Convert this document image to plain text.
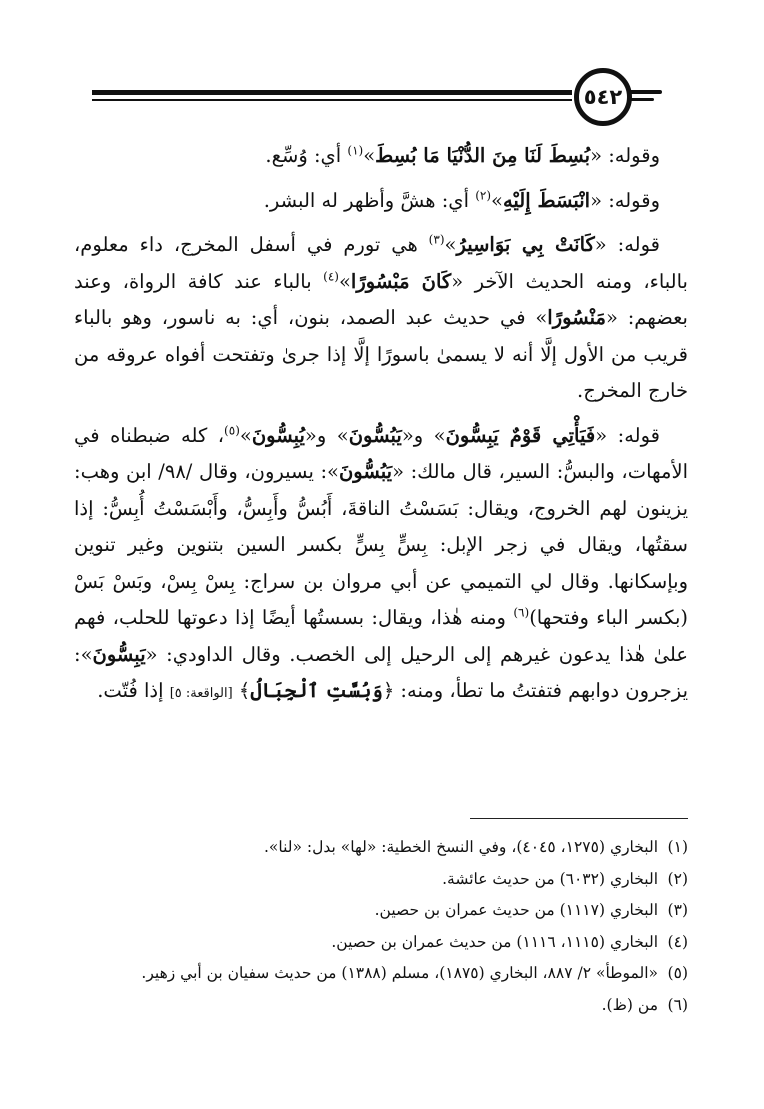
٥٤٢

وقوله: «بُسِطَ لَنَا مِنَ الدُّنْيَا مَا بُسِطَ»$^{(١)}$ أي: وُسِّع.

وقوله: «انْبَسَطَ إِلَيْهِ»$^{(٢)}$ أي: هشَّ وأظهر له البشر.

قوله: «كَانَتْ بِي بَوَاسِيرُ»$^{(٣)}$ هي تورم في أسفل المخرج، داء معلوم، بالباء، ومنه الحديث الآخر «كَانَ مَبْسُورًا»$^{(٤)}$ بالباء عند كافة الرواة، وعند بعضهم: «مَنْسُورًا» في حديث عبد الصمد، بنون، أي: به ناسور، وهو بالباء قريب من الأول إلَّا أنه لا يسمىٰ باسورًا إلَّا إذا جرىٰ وتفتحت أفواه عروقه من خارج المخرج.

قوله: «فَيَأْتِي قَوْمٌ يَبِسُّونَ» و«يَبُسُّونَ» و«يُبِسُّونَ»$^{(٥)}$، كله ضبطناه في الأمهات، والبسُّ: السير، قال مالك: «يَبُسُّونَ»: يسيرون، وقال /٩٨/ ابن وهب: يزينون لهم الخروج، ويقال: بَسَسْتُ الناقةَ، أَبُسُّ وأَبِسُّ، وأَبْسَسْتُ أُبِسُّ: إذا سقتُها، ويقال في زجر الإبل: بِسٍّ بِسٍّ بكسر السين بتنوين وغير تنوين وبإسكانها. وقال لي التميمي عن أبي مروان بن سراج: بِسْ بِسْ، وبَسْ بَسْ (بكسر الباء وفتحها)$^{(٦)}$ ومنه هٰذا، ويقال: بسستُها أيضًا إذا دعوتها للحلب، فهم علىٰ هٰذا يدعون غيرهم إلى الرحيل إلى الخصب. وقال الداودي: «يَبِسُّونَ»: يزجرون دوابهم فتفتتُ ما تطأ، ومنه: ﴿وَبُسَّتِ ٱلْجِبَالُ﴾ [الواقعة: ٥] إذا فُتّت.

(١)البخاري (١٢٧٥، ٤٠٤٥)، وفي النسخ الخطية: «لها» بدل: «لنا».
(٢)البخاري (٦٠٣٢) من حديث عائشة.
(٣)البخاري (١١١٧) من حديث عمران بن حصين.
(٤)البخاري (١١١٥، ١١١٦) من حديث عمران بن حصين.
(٥)«الموطأ» ٢/ ٨٨٧، البخاري (١٨٧٥)، مسلم (١٣٨٨) من حديث سفيان بن أبي زهير.
(٦)من (ظ).
